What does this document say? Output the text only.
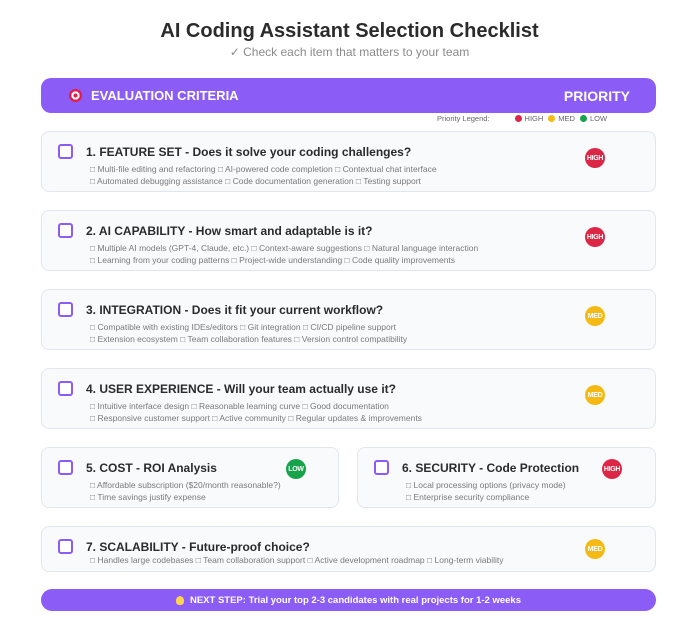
AI Coding Assistant Selection Checklist
✓ Check each item that matters to your team
EVALUATION CRITERIA	PRIORITY
Priority Legend:	HIGH MED LOW
1. FEATURE SET - Does it solve your coding challenges?
□ Multi-file editing and refactoring □ AI-powered code completion □ Contextual chat interface
□ Automated debugging assistance □ Code documentation generation □ Testing support
HIGH
2. AI CAPABILITY - How smart and adaptable is it?
□ Multiple AI models (GPT-4, Claude, etc.) □ Context-aware suggestions □ Natural language interaction
□ Learning from your coding patterns □ Project-wide understanding □ Code quality improvements
HIGH
3. INTEGRATION - Does it fit your current workflow?
□ Compatible with existing IDEs/editors □ Git integration □ CI/CD pipeline support
□ Extension ecosystem □ Team collaboration features □ Version control compatibility
MED
4. USER EXPERIENCE - Will your team actually use it?
□ Intuitive interface design □ Reasonable learning curve □ Good documentation
□ Responsive customer support □ Active community □ Regular updates & improvements
MED
5. COST - ROI Analysis
□ Affordable subscription ($20/month reasonable?)
□ Time savings justify expense
LOW	6. SECURITY - Code Protection
□ Local processing options (privacy mode)
□ Enterprise security compliance
HIGH
7. SCALABILITY - Future-proof choice?
□ Handles large codebases □ Team collaboration support □ Active development roadmap □ Long-term viability
MED
NEXT STEP: Trial your top 2-3 candidates with real projects for 1-2 weeks
